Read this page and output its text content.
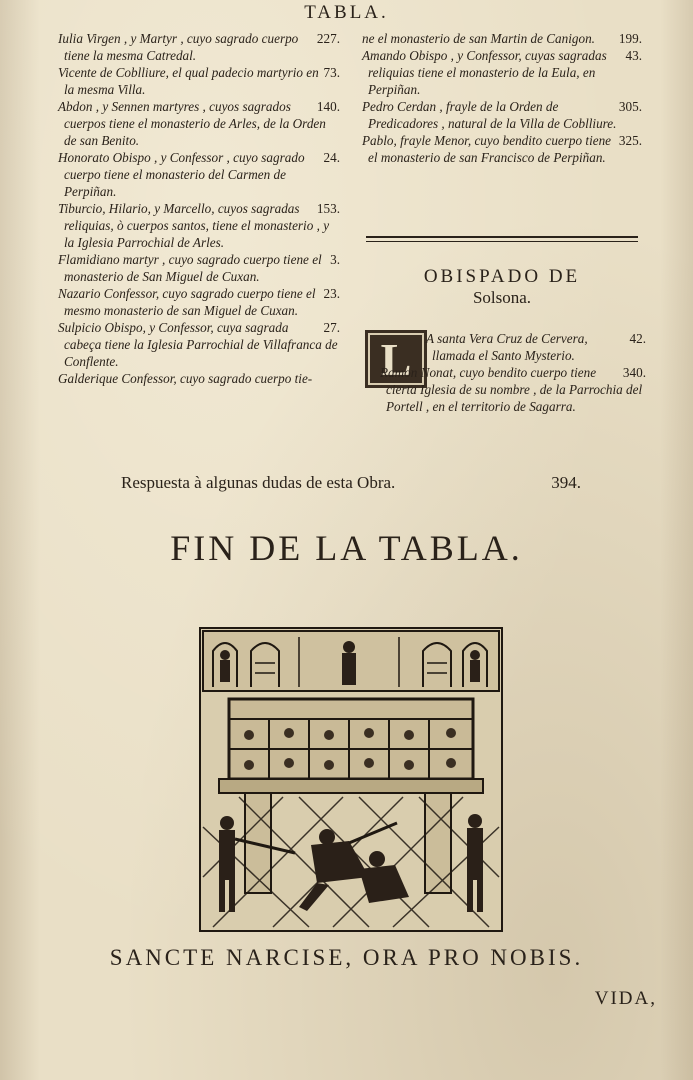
TABLA.

227.
Iulia Virgen , y Martyr , cuyo sagrado cuerpo tiene la mesma Catredal.

73.
Vicente de Coblliure, el qual padecio martyrio en la mesma Villa.

140.
Abdon , y Sennen martyres , cuyos sagrados cuerpos tiene el monasterio de Arles, de la Orden de san Benito.

24.
Honorato Obispo , y Confessor , cuyo sagrado cuerpo tiene el monasterio del Carmen de Perpiñan.

153.
Tiburcio, Hilario, y Marcello, cuyos sagradas reliquias, ò cuerpos santos, tiene el monasterio , y la Iglesia Parrochial de Arles.

3.
Flamidiano martyr , cuyo sagrado cuerpo tiene el monasterio de San Miguel de Cuxan.

23.
Nazario Confessor, cuyo sagrado cuerpo tiene el mesmo monasterio de san Miguel de Cuxan.

27.
Sulpicio Obispo, y Confessor, cuya sagrada cabeça tiene la Iglesia Parrochial de Villafranca de Conflente.

Galderique Confessor, cuyo sagrado cuerpo tie-

199.
ne el monasterio de san Martin de Canigon.

43.
Amando Obispo , y Confessor, cuyas sagradas reliquias tiene el monasterio de la Eula, en Perpiñan.

305.
Pedro Cerdan , frayle de la Orden de Predicadores , natural de la Villa de Coblliure.

325.
Pablo, frayle Menor, cuyo bendito cuerpo tiene el monasterio de san Francisco de Perpiñan.

OBISPADO DE
Solsona.
L	42.
A santa Vera Cruz de Cervera, llamada el Santo Mysterio.

340.
Ramon Nonat, cuyo bendito cuerpo tiene cierta Iglesia de su nombre , de la Parrochia del Portell , en el territorio de Sagarra.

Respuesta à algunas dudas de esta Obra.	394.
FIN DE LA TABLA.
SANCTE NARCISE, ORA PRO NOBIS.
VIDA,
